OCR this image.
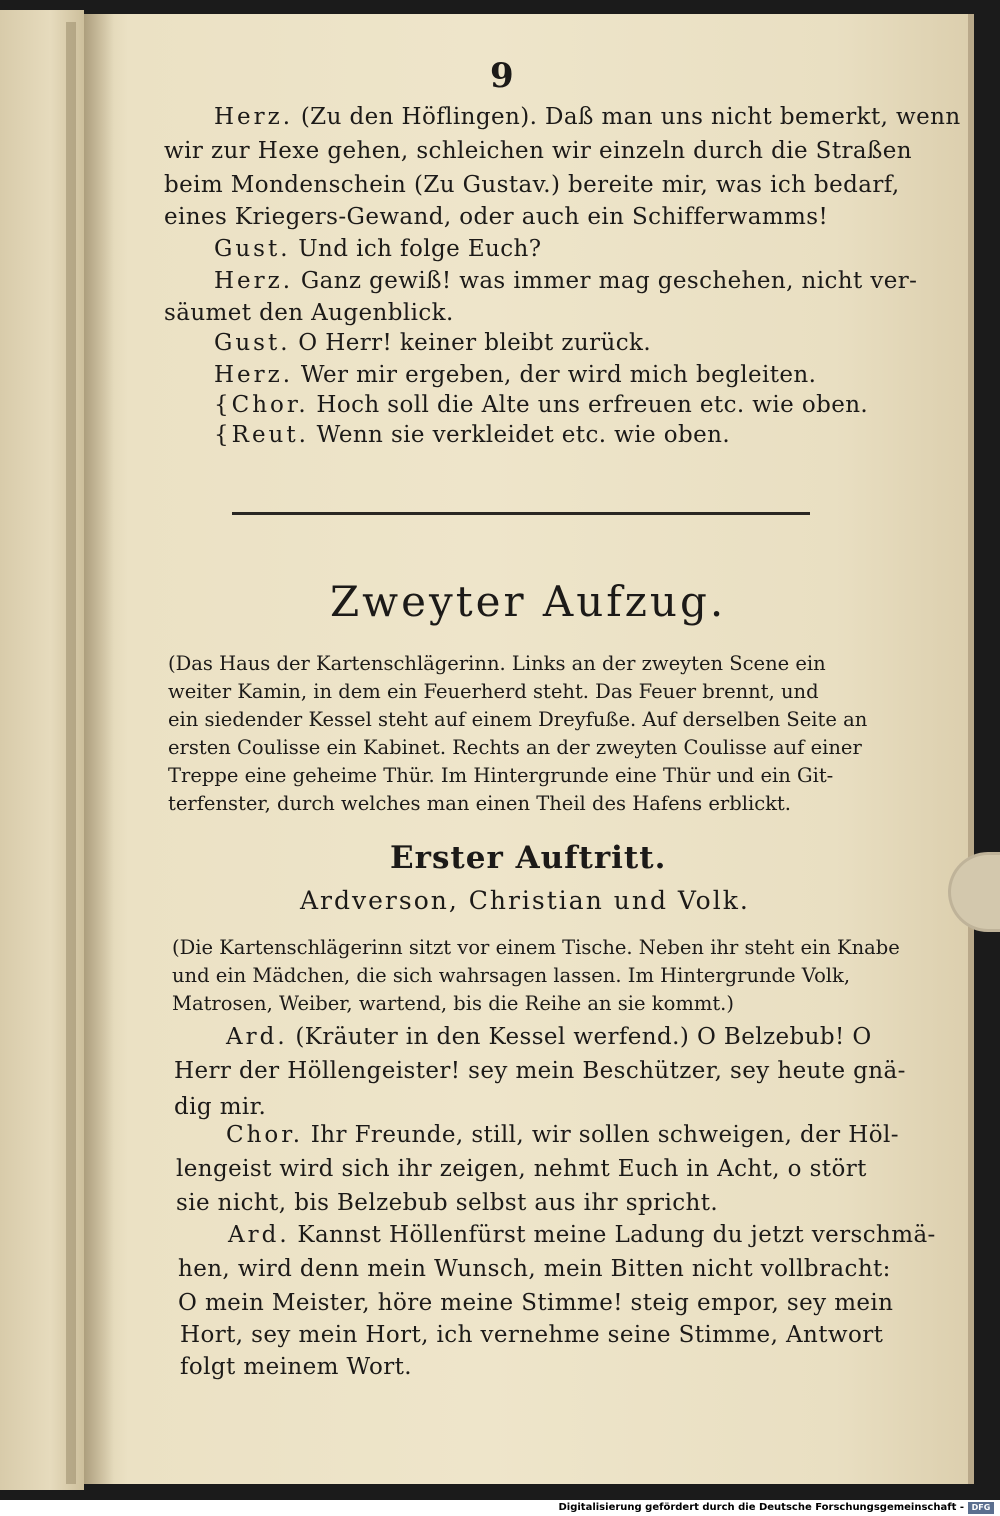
9
Herz. (Zu den Höflingen). Daß man uns nicht bemerkt, wenn
wir zur Hexe gehen, schleichen wir einzeln durch die Straßen
beim Mondenschein (Zu Gustav.) bereite mir, was ich bedarf,
eines Kriegers-Gewand, oder auch ein Schifferwamms!
Gust. Und ich folge Euch?
Herz. Ganz gewiß! was immer mag geschehen, nicht ver-
säumet den Augenblick.
Gust. O Herr! keiner bleibt zurück.
Herz. Wer mir ergeben, der wird mich begleiten.
{Chor. Hoch soll die Alte uns erfreuen etc. wie oben.
{Reut. Wenn sie verkleidet etc. wie oben.
Zweyter Aufzug.
(Das Haus der Kartenschlägerinn. Links an der zweyten Scene ein
weiter Kamin, in dem ein Feuerherd steht. Das Feuer brennt, und
ein siedender Kessel steht auf einem Dreyfuße. Auf derselben Seite an
ersten Coulisse ein Kabinet. Rechts an der zweyten Coulisse auf einer
Treppe eine geheime Thür. Im Hintergrunde eine Thür und ein Git-
terfenster, durch welches man einen Theil des Hafens erblickt.
Erster Auftritt.
Ardverson, Christian und Volk.
(Die Kartenschlägerinn sitzt vor einem Tische. Neben ihr steht ein Knabe
und ein Mädchen, die sich wahrsagen lassen. Im Hintergrunde Volk,
Matrosen, Weiber, wartend, bis die Reihe an sie kommt.)
Ard. (Kräuter in den Kessel werfend.) O Belzebub! O
Herr der Höllengeister! sey mein Beschützer, sey heute gnä-
dig mir.
Chor. Ihr Freunde, still, wir sollen schweigen, der Höl-
lengeist wird sich ihr zeigen, nehmt Euch in Acht, o stört
sie nicht, bis Belzebub selbst aus ihr spricht.
Ard. Kannst Höllenfürst meine Ladung du jetzt verschmä-
hen, wird denn mein Wunsch, mein Bitten nicht vollbracht:
O mein Meister, höre meine Stimme! steig empor, sey mein
Hort, sey mein Hort, ich vernehme seine Stimme, Antwort
folgt meinem Wort.
Digitalisierung gefördert durch die Deutsche Forschungsgemeinschaft - DFG
